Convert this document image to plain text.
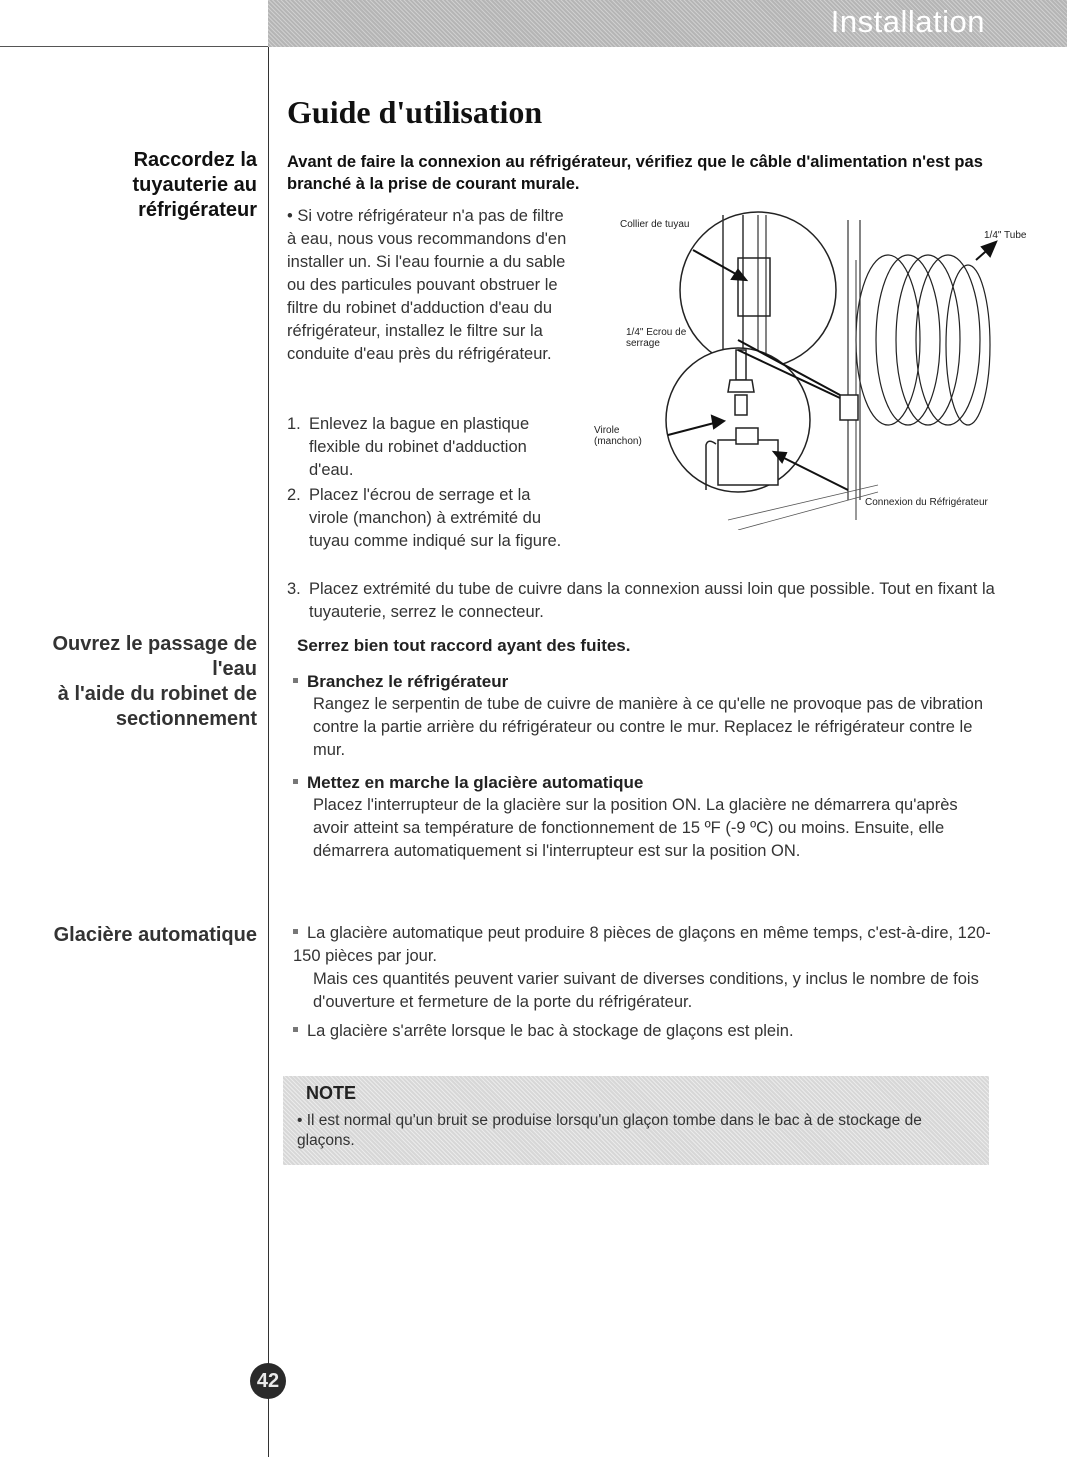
Installation
Guide d'utilisation
Raccordez la
tuyauterie au
réfrigérateur
Ouvrez le passage de
l'eau
à l'aide du robinet de
sectionnement
Glacière automatique
Avant de faire la connexion au réfrigérateur, vérifiez que le câble d'alimentation n'est pas branché à la prise de courant murale.

• Si votre réfrigérateur n'a pas de filtre à eau, nous vous recommandons d'en installer un. Si l'eau fournie a du sable ou des particules pouvant obstruer le filtre du robinet d'adduction d'eau du réfrigérateur, installez le filtre sur la conduite d'eau près du réfrigérateur.

1. Enlevez la bague en plastique flexible du robinet d'adduction d'eau.
2. Placez l'écrou de serrage et la virole (manchon) à extrémité du tuyau comme indiqué sur la figure.
3. Placez extrémité du tube de cuivre dans la connexion aussi loin que possible. Tout en fixant la tuyauterie, serrez le connecteur.
Collier de tuyau
1/4" Tube
1/4" Ecrou de
serrage
Virole
(manchon)
Connexion du Réfrigérateur
Serrez bien tout raccord ayant des fuites.
Branchez le réfrigérateur
Rangez le serpentin de tube de cuivre de manière à ce qu'elle ne provoque pas de vibration contre la partie arrière du réfrigérateur ou contre le mur. Replacez le réfrigérateur contre le mur.
Mettez en marche la glacière automatique
Placez l'interrupteur de la glacière sur la position ON. La glacière ne démarrera qu'après avoir atteint sa température de fonctionnement de 15 ºF (-9 ºC) ou moins. Ensuite, elle démarrera automatiquement si l'interrupteur est sur la position ON.
La glacière automatique peut produire 8 pièces de glaçons en même temps, c'est-à-dire, 120-150 pièces par jour.
Mais ces quantités peuvent varier suivant de diverses conditions, y inclus le nombre de fois d'ouverture et fermeture de la porte du réfrigérateur.
La glacière s'arrête lorsque le bac à stockage de glaçons est plein.
NOTE
• Il est normal qu'un bruit se produise lorsqu'un glaçon tombe dans le bac à de stockage de glaçons.
42
